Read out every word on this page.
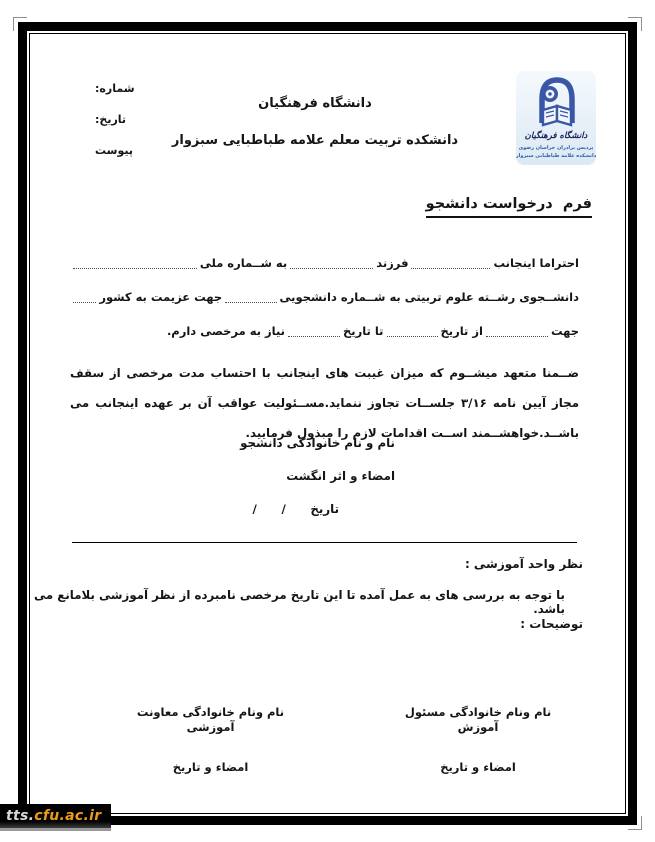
شماره:
تاریخ:
پیوست
دانشگاه فرهنگیان
دانشکده تربیت معلم علامه طباطبایی سبزوار	دانشگاه فرهنگیان
پردیس برادران خراسان رضوی
دانشکده علامه طباطبایی سبزوار
فرم  درخواست دانشجو
احتراما اینجانب
فرزند
به شــماره ملی
دانشــجوی رشــته علوم تربیتی به شــماره دانشجویی
جهت عزیمت به کشور
جهت
از تاریخ
تا تاریخ
نیاز به مرخصی دارم.
ضــمنا متعهد میشــوم که میزان غیبت های اینجانب با احتساب مدت مرخصی از سقف مجاز آیین نامه ۳/۱۶ جلســات تجاوز ننماید.مســئولیت عواقب آن بر عهده اینجانب می باشــد.خواهشــمند اســت اقدامات لازم را مبذول فرمایید.
نام و نام خانوادگی دانشجو
امضاء و اثر انگشت
تاریخ      /      /
نظر واحد آموزشی :
با توجه به بررسی های به عمل آمده تا این تاریخ مرخصی نامبرده از نظر آموزشی بلامانع می باشد.
توضیحات :
نام ونام خانوادگی مسئول آموزش
امضاء و تاریخ
نام ونام خانوادگی معاونت آموزشی
امضاء و تاریخ
tts. cfu.ac.ir
